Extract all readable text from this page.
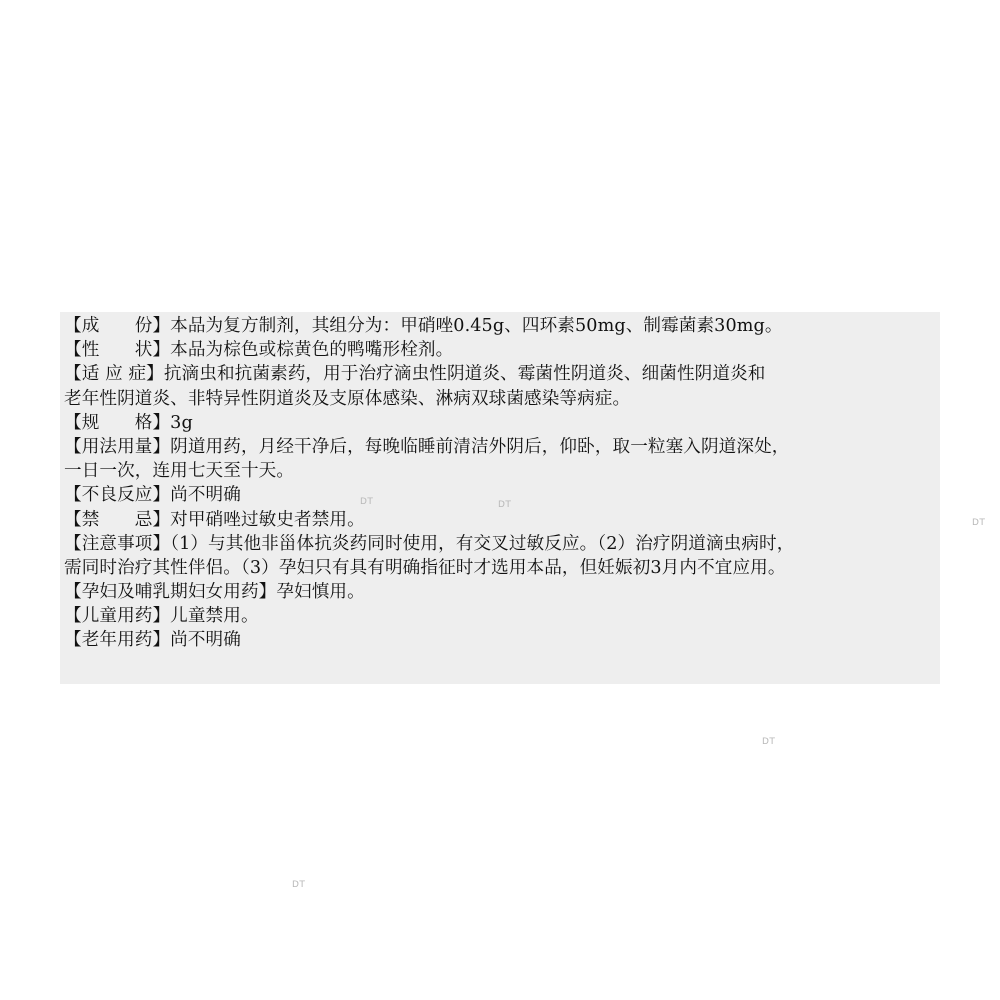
【成　　份】本品为复方制剂，其组分为：甲硝唑0.45g、四环素50mg、制霉菌素30mg。
【性　　状】本品为棕色或棕黄色的鸭嘴形栓剂。
【适 应 症】抗滴虫和抗菌素药，用于治疗滴虫性阴道炎、霉菌性阴道炎、细菌性阴道炎和
老年性阴道炎、非特异性阴道炎及支原体感染、淋病双球菌感染等病症。
【规　　格】3g
【用法用量】阴道用药，月经干净后，每晚临睡前清洁外阴后，仰卧，取一粒塞入阴道深处，
一日一次，连用七天至十天。
【不良反应】尚不明确
【禁　　忌】对甲硝唑过敏史者禁用。
【注意事项】（1）与其他非甾体抗炎药同时使用，有交叉过敏反应。（2）治疗阴道滴虫病时，
需同时治疗其性伴侣。（3）孕妇只有具有明确指征时才选用本品，但妊娠初3月内不宜应用。
【孕妇及哺乳期妇女用药】孕妇慎用。
【儿童用药】儿童禁用。
【老年用药】尚不明确
DT	DT
DT
DT
DT
